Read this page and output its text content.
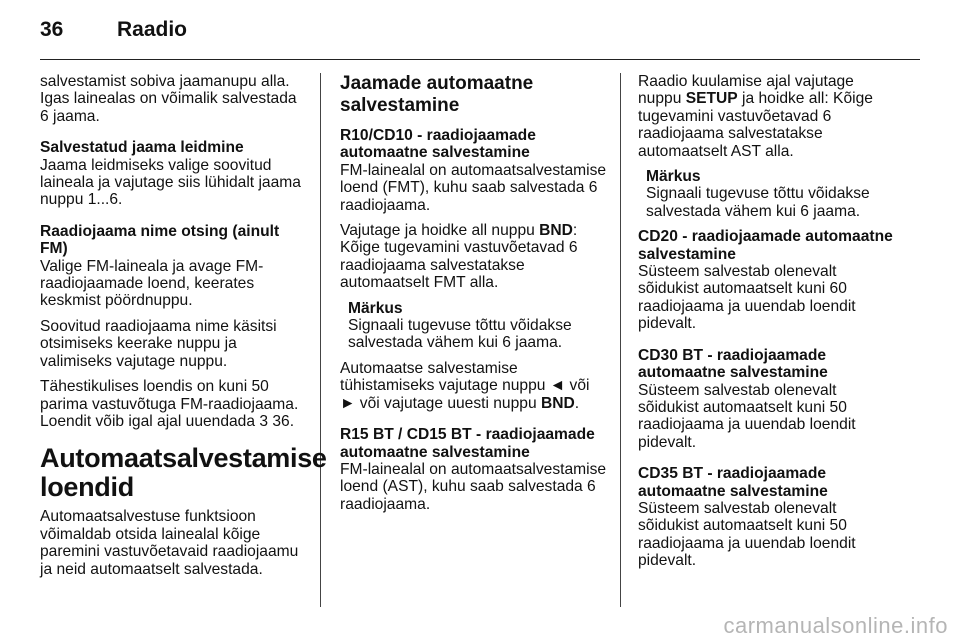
36	Raadio

salvestamist sobiva jaamanupu alla. Igas lainealas on võimalik salvestada 6 jaama.

Salvestatud jaama leidmine

Jaama leidmiseks valige soovitud laineala ja vajutage siis lühidalt jaama nuppu 1...6.

Raadiojaama nime otsing (ainult FM)

Valige FM-laineala ja avage FM-raadiojaamade loend, keerates keskmist pöördnuppu.

Soovitud raadiojaama nime käsitsi otsimiseks keerake nuppu ja valimiseks vajutage nuppu.

Tähestikulises loendis on kuni 50 parima vastuvõtuga FM-raadiojaama. Loendit võib igal ajal uuendada 3 36.

Automaatsalvestamise loendid

Automaatsalvestuse funktsioon võimaldab otsida lainealal kõige paremini vastuvõetavaid raadiojaamu ja neid automaatselt salvestada.

Jaamade automaatne salvestamine

R10/CD10 - raadiojaamade automaatne salvestamine

FM-lainealal on automaatsalvestamise loend (FMT), kuhu saab salvestada 6 raadiojaama.

Vajutage ja hoidke all nuppu BND: Kõige tugevamini vastuvõetavad 6 raadiojaama salvestatakse automaatselt FMT alla.

Märkus
Signaali tugevuse tõttu võidakse salvestada vähem kui 6 jaama.

Automaatse salvestamise tühistamiseks vajutage nuppu ◄ või ► või vajutage uuesti nuppu BND.

R15 BT / CD15 BT - raadiojaamade automaatne salvestamine

FM-lainealal on automaatsalvestamise loend (AST), kuhu saab salvestada 6 raadiojaama.

Raadio kuulamise ajal vajutage nuppu SETUP ja hoidke all: Kõige tugevamini vastuvõetavad 6 raadiojaama salvestatakse automaatselt AST alla.

Märkus
Signaali tugevuse tõttu võidakse salvestada vähem kui 6 jaama.

CD20 - raadiojaamade automaatne salvestamine

Süsteem salvestab olenevalt sõidukist automaatselt kuni 60 raadiojaama ja uuendab loendit pidevalt.

CD30 BT - raadiojaamade automaatne salvestamine

Süsteem salvestab olenevalt sõidukist automaatselt kuni 50 raadiojaama ja uuendab loendit pidevalt.

CD35 BT - raadiojaamade automaatne salvestamine

Süsteem salvestab olenevalt sõidukist automaatselt kuni 50 raadiojaama ja uuendab loendit pidevalt.

carmanualsonline.info
